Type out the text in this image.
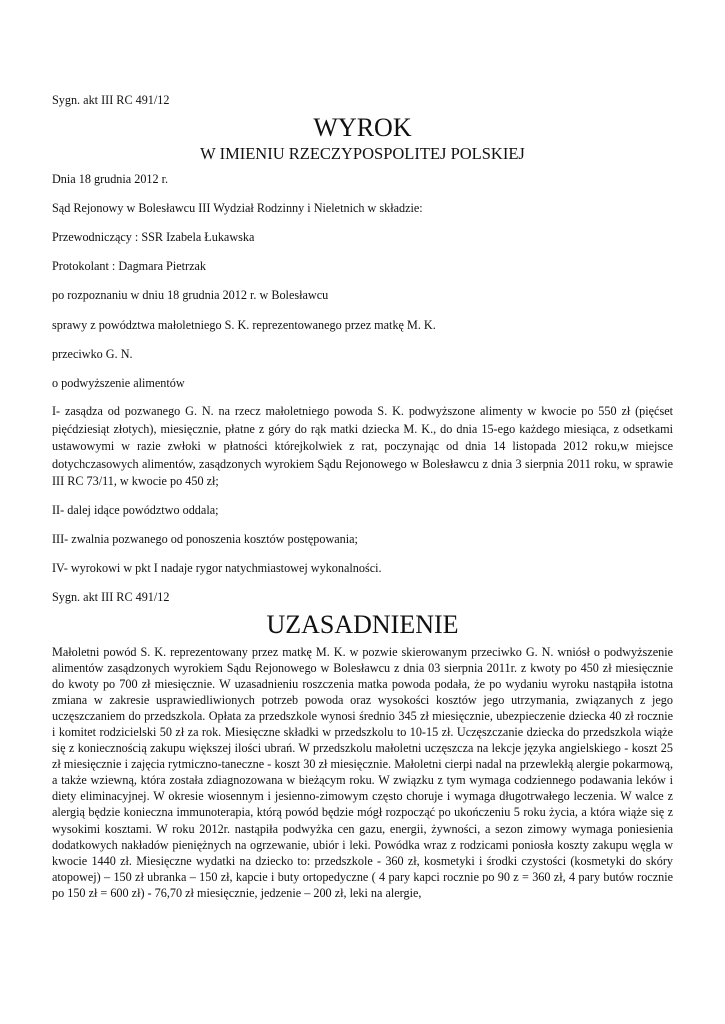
Sygn. akt III RC 491/12

WYROK
W IMIENIU RZECZYPOSPOLITEJ POLSKIEJ

Dnia 18 grudnia 2012 r.

Sąd Rejonowy w Bolesławcu III Wydział Rodzinny i Nieletnich w składzie:

Przewodniczący : SSR Izabela Łukawska

Protokolant : Dagmara Pietrzak

po rozpoznaniu w dniu 18 grudnia 2012 r. w Bolesławcu

sprawy z powództwa małoletniego S. K. reprezentowanego przez matkę M. K.

przeciwko G. N.

o podwyższenie alimentów

I- zasądza od pozwanego G. N. na rzecz małoletniego powoda S. K. podwyższone alimenty w kwocie po 550 zł (pięćset pięćdziesiąt złotych), miesięcznie, płatne z góry do rąk matki dziecka M. K., do dnia 15-ego każdego miesiąca, z odsetkami ustawowymi w razie zwłoki w płatności którejkolwiek z rat, poczynając od dnia 14 listopada 2012 roku,w miejsce dotychczasowych alimentów, zasądzonych wyrokiem Sądu Rejonowego w Bolesławcu z dnia 3 sierpnia 2011 roku, w sprawie III RC 73/11, w kwocie po 450 zł;

II- dalej idące powództwo oddala;

III- zwalnia pozwanego od ponoszenia kosztów postępowania;

IV- wyrokowi w pkt I nadaje rygor natychmiastowej wykonalności.

Sygn. akt III RC 491/12

UZASADNIENIE

Małoletni powód S. K. reprezentowany przez matkę M. K. w pozwie skierowanym przeciwko G. N. wniósł o podwyższenie alimentów zasądzonych wyrokiem Sądu Rejonowego w Bolesławcu z dnia 03 sierpnia 2011r. z kwoty po 450 zł miesięcznie do kwoty po 700 zł miesięcznie. W uzasadnieniu roszczenia matka powoda podała, że po wydaniu wyroku nastąpiła istotna zmiana w zakresie usprawiedliwionych potrzeb powoda oraz wysokości kosztów jego utrzymania, związanych z jego uczęszczaniem do przedszkola. Opłata za przedszkole wynosi średnio 345 zł miesięcznie, ubezpieczenie dziecka 40 zł rocznie i komitet rodzicielski 50 zł za rok. Miesięczne składki w przedszkolu to 10-15 zł. Uczęszczanie dziecka do przedszkola wiąże się z koniecznością zakupu większej ilości ubrań. W przedszkolu małoletni uczęszcza na lekcje języka angielskiego - koszt 25 zł miesięcznie i zajęcia rytmiczno-taneczne - koszt 30 zł miesięcznie. Małoletni cierpi nadal na przewlekłą alergie pokarmową, a także wziewną, która została zdiagnozowana w bieżącym roku. W związku z tym wymaga codziennego podawania leków i diety eliminacyjnej. W okresie wiosennym i jesienno-zimowym często choruje i wymaga długotrwałego leczenia. W walce z alergią będzie konieczna immunoterapia, którą powód będzie mógł rozpocząć po ukończeniu 5 roku życia, a która wiąże się z wysokimi kosztami. W roku 2012r. nastąpiła podwyżka cen gazu, energii, żywności, a sezon zimowy wymaga poniesienia dodatkowych nakładów pieniężnych na ogrzewanie, ubiór i leki. Powódka wraz z rodzicami poniosła koszty zakupu węgla w kwocie 1440 zł. Miesięczne wydatki na dziecko to: przedszkole - 360 zł, kosmetyki i środki czystości (kosmetyki do skóry atopowej) – 150 zł ubranka – 150 zł, kapcie i buty ortopedyczne ( 4 pary kapci rocznie po 90 z = 360 zł, 4 pary butów rocznie po 150 zł = 600 zł) - 76,70 zł miesięcznie, jedzenie – 200 zł, leki na alergie,
